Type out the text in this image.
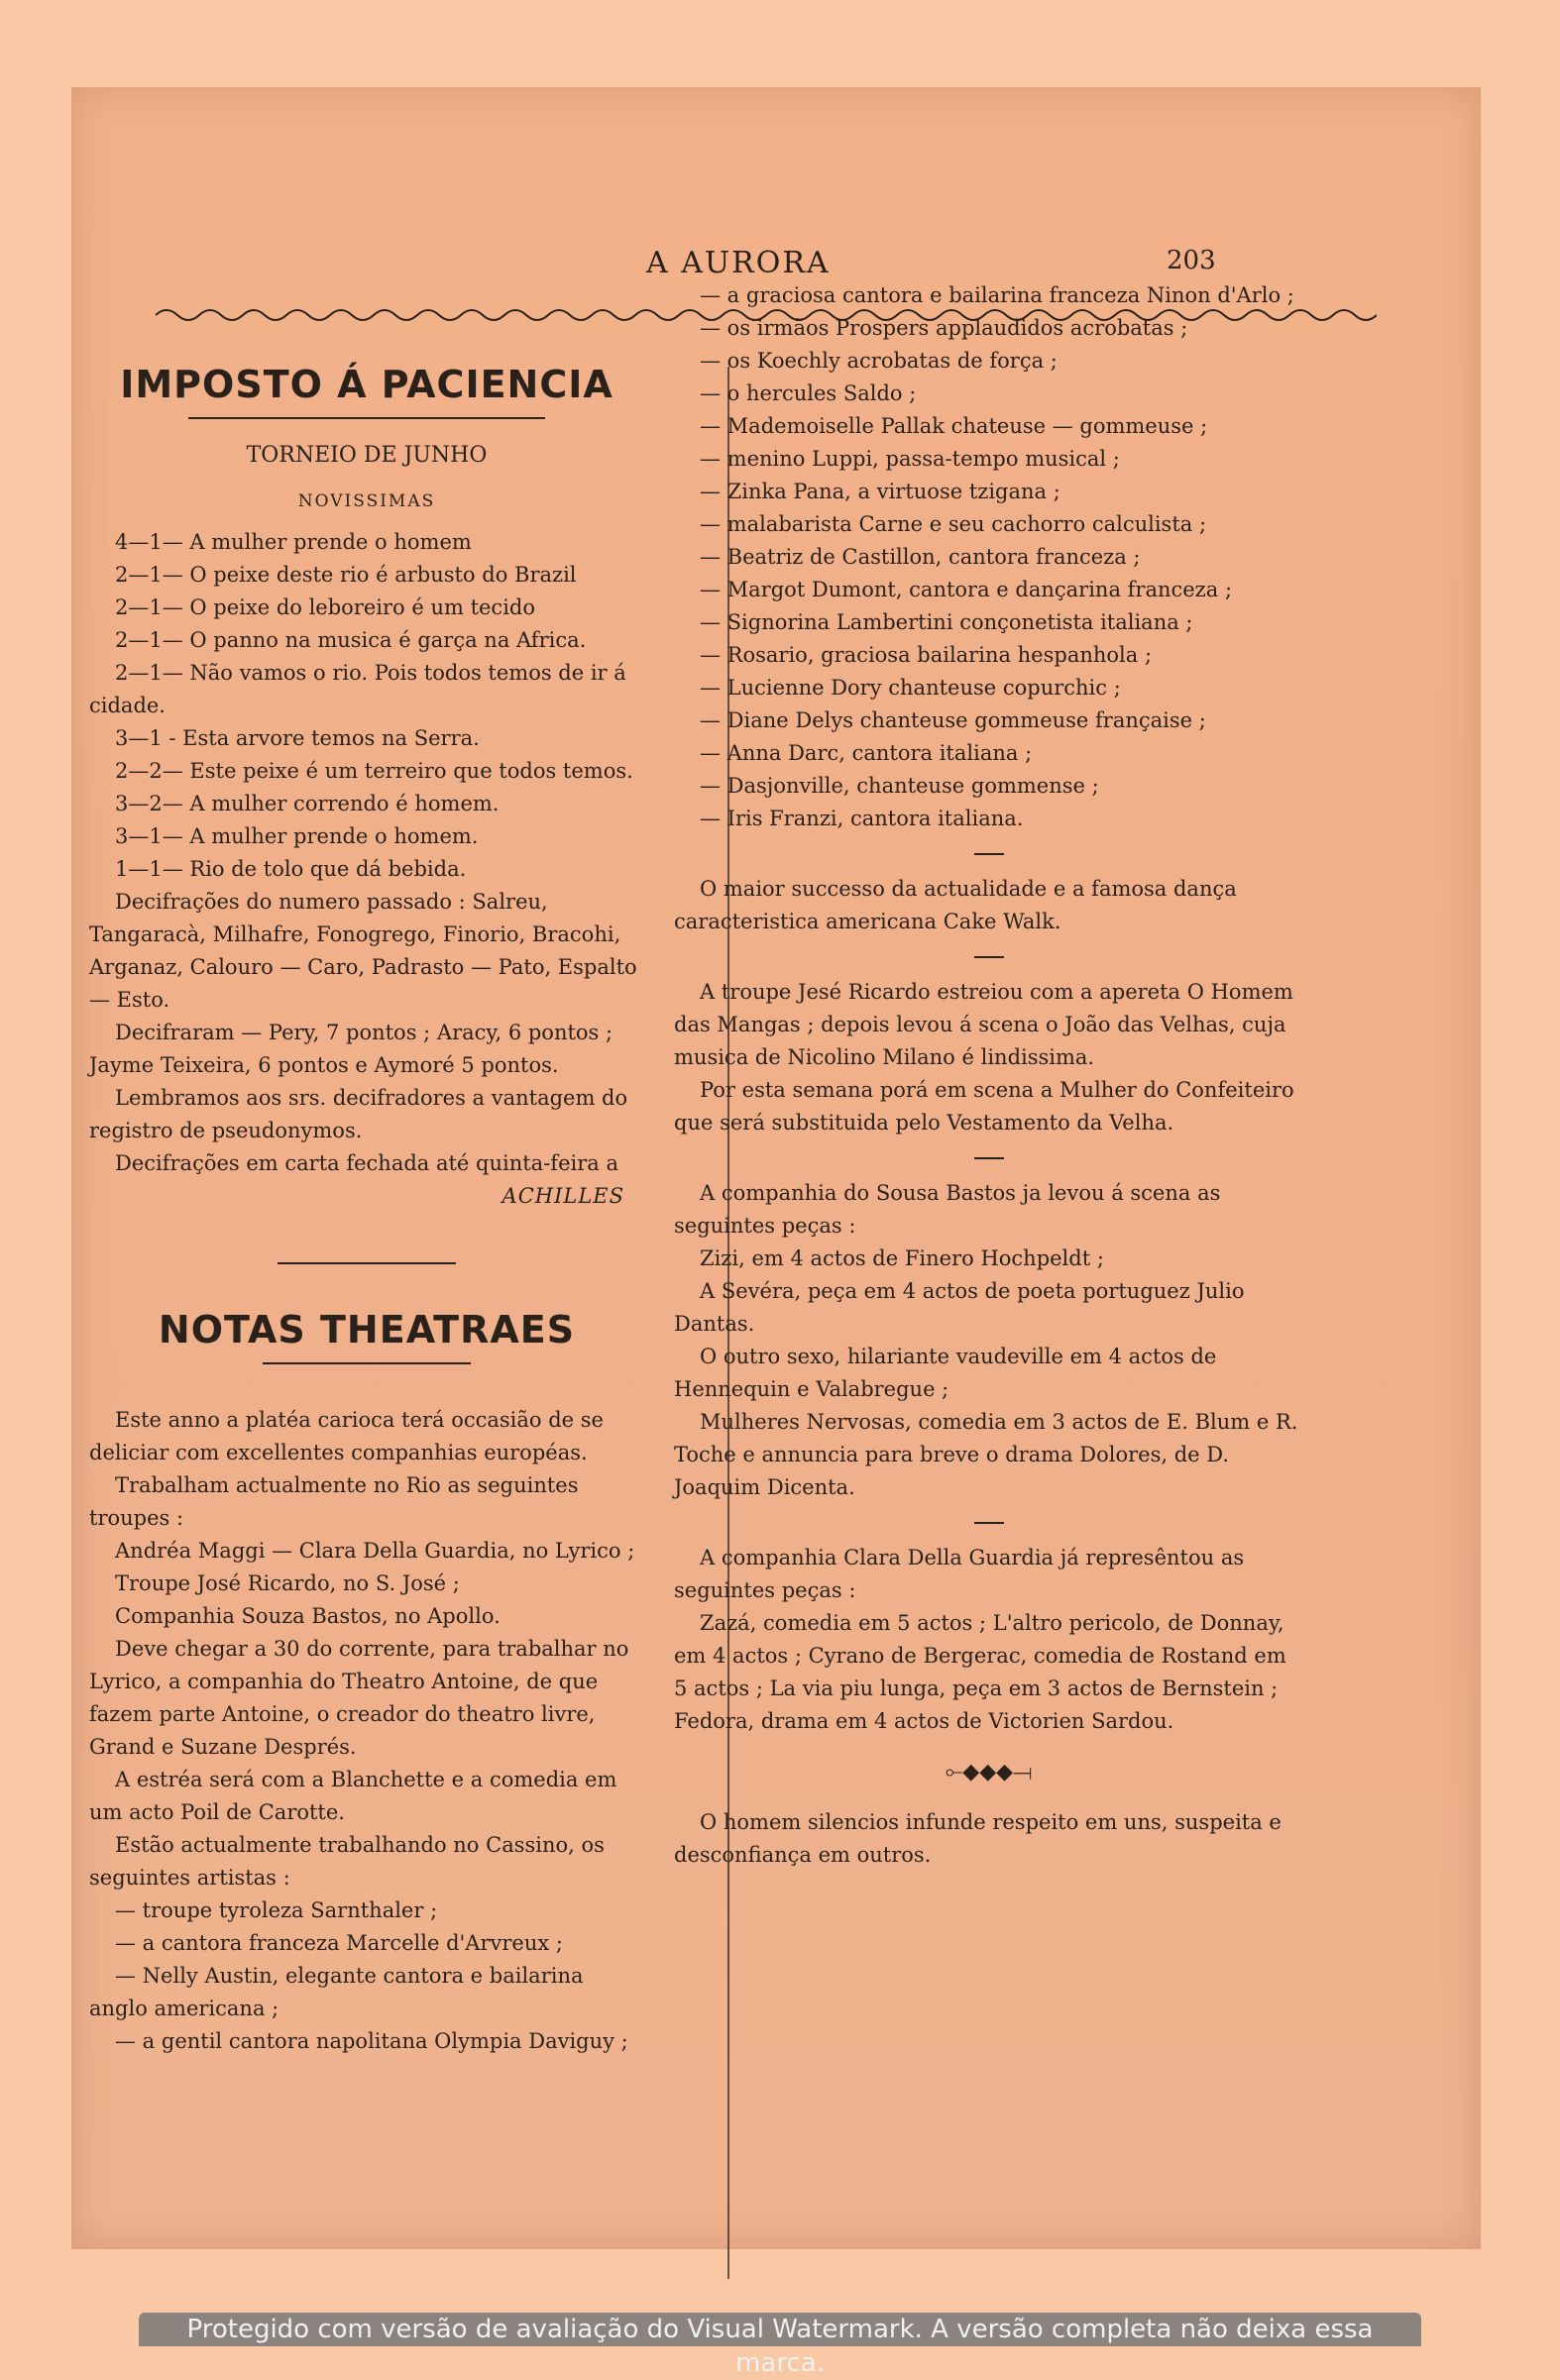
A AURORA	203

IMPOSTO Á PACIENCIA

TORNEIO DE JUNHO

NOVISSIMAS

4—1— A mulher prende o homem

2—1— O peixe deste rio é arbusto do Brazil

2—1— O peixe do leboreiro é um tecido

2—1— O panno na musica é garça na Africa.

2—1— Não vamos o rio. Pois todos temos de ir á cidade.

3—1 - Esta arvore temos na Serra.

2—2— Este peixe é um terreiro que todos temos.

3—2— A mulher correndo é homem.

3—1— A mulher prende o homem.

1—1— Rio de tolo que dá bebida.

Decifrações do numero passado : Salreu, Tangaracà, Milhafre, Fonogrego, Finorio, Bracohi, Arganaz, Calouro — Caro, Padrasto — Pato, Espalto — Esto.

Decifraram — Pery, 7 pontos ; Aracy, 6 pontos ; Jayme Teixeira, 6 pontos e Aymoré 5 pontos.

Lembramos aos srs. decifradores a vantagem do registro de pseudonymos.

Decifrações em carta fechada até quinta-feira a

ACHILLES

NOTAS THEATRAES

Este anno a platéa carioca terá occasião de se deliciar com excellentes companhias européas.

Trabalham actualmente no Rio as seguintes troupes :

Andréa Maggi — Clara Della Guardia, no Lyrico ;

Troupe José Ricardo, no S. José ;

Companhia Souza Bastos, no Apollo.

Deve chegar a 30 do corrente, para trabalhar no Lyrico, a companhia do Theatro Antoine, de que fazem parte Antoine, o creador do theatro livre, Grand e Suzane Després.

A estréa será com a Blanchette e a comedia em um acto Poil de Carotte.

Estão actualmente trabalhando no Cassino, os seguintes artistas :

— troupe tyroleza Sarnthaler ;

— a cantora franceza Marcelle d'Arvreux ;

— Nelly Austin, elegante cantora e bailarina anglo americana ;

— a gentil cantora napolitana Olympia Daviguy ;

— a graciosa cantora e bailarina franceza Ninon d'Arlo ;

— os irmãos Prospers applaudidos acrobatas ;

— os Koechly acrobatas de força ;

— o hercules Saldo ;

— Mademoiselle Pallak chateuse — gommeuse ;

— menino Luppi, passa-tempo musical ;

— Zinka Pana, a virtuose tzigana ;

— malabarista Carne e seu cachorro calculista ;

— Beatriz de Castillon, cantora franceza ;

— Margot Dumont, cantora e dançarina franceza ;

— Signorina Lambertini conçonetista italiana ;

— Rosario, graciosa bailarina hespanhola ;

— Lucienne Dory chanteuse copurchic ;

— Diane Delys chanteuse gommeuse française ;

— Anna Darc, cantora italiana ;

— Dasjonville, chanteuse gommense ;

— Iris Franzi, cantora italiana.

O maior successo da actualidade e a famosa dança caracteristica americana Cake Walk.

A troupe Jesé Ricardo estreiou com a apereta O Homem das Mangas ; depois levou á scena o João das Velhas, cuja musica de Nicolino Milano é lindissima.

Por esta semana porá em scena a Mulher do Confeiteiro que será substituida pelo Vestamento da Velha.

A companhia do Sousa Bastos ja levou á scena as seguintes peças :

Zizi, em 4 actos de Finero Hochpeldt ;

A Sevéra, peça em 4 actos de poeta portuguez Julio Dantas.

O outro sexo, hilariante vaudeville em 4 actos de Hennequin e Valabregue ;

Mulheres Nervosas, comedia em 3 actos de E. Blum e R. Toche e annuncia para breve o drama Dolores, de D. Joaquim Dicenta.

A companhia Clara Della Guardia já represêntou as seguintes peças :

Zazá, comedia em 5 actos ; L'altro pericolo, de Donnay, em 4 actos ; Cyrano de Bergerac, comedia de Rostand em 5 actos ; La via piu lunga, peça em 3 actos de Bernstein ; Fedora, drama em 4 actos de Victorien Sardou.

⟜◆◆◆⟞

O homem silencios infunde respeito em uns, suspeita e desconfiança em outros.

Protegido com versão de avaliação do Visual Watermark. A versão completa não deixa essa marca.
